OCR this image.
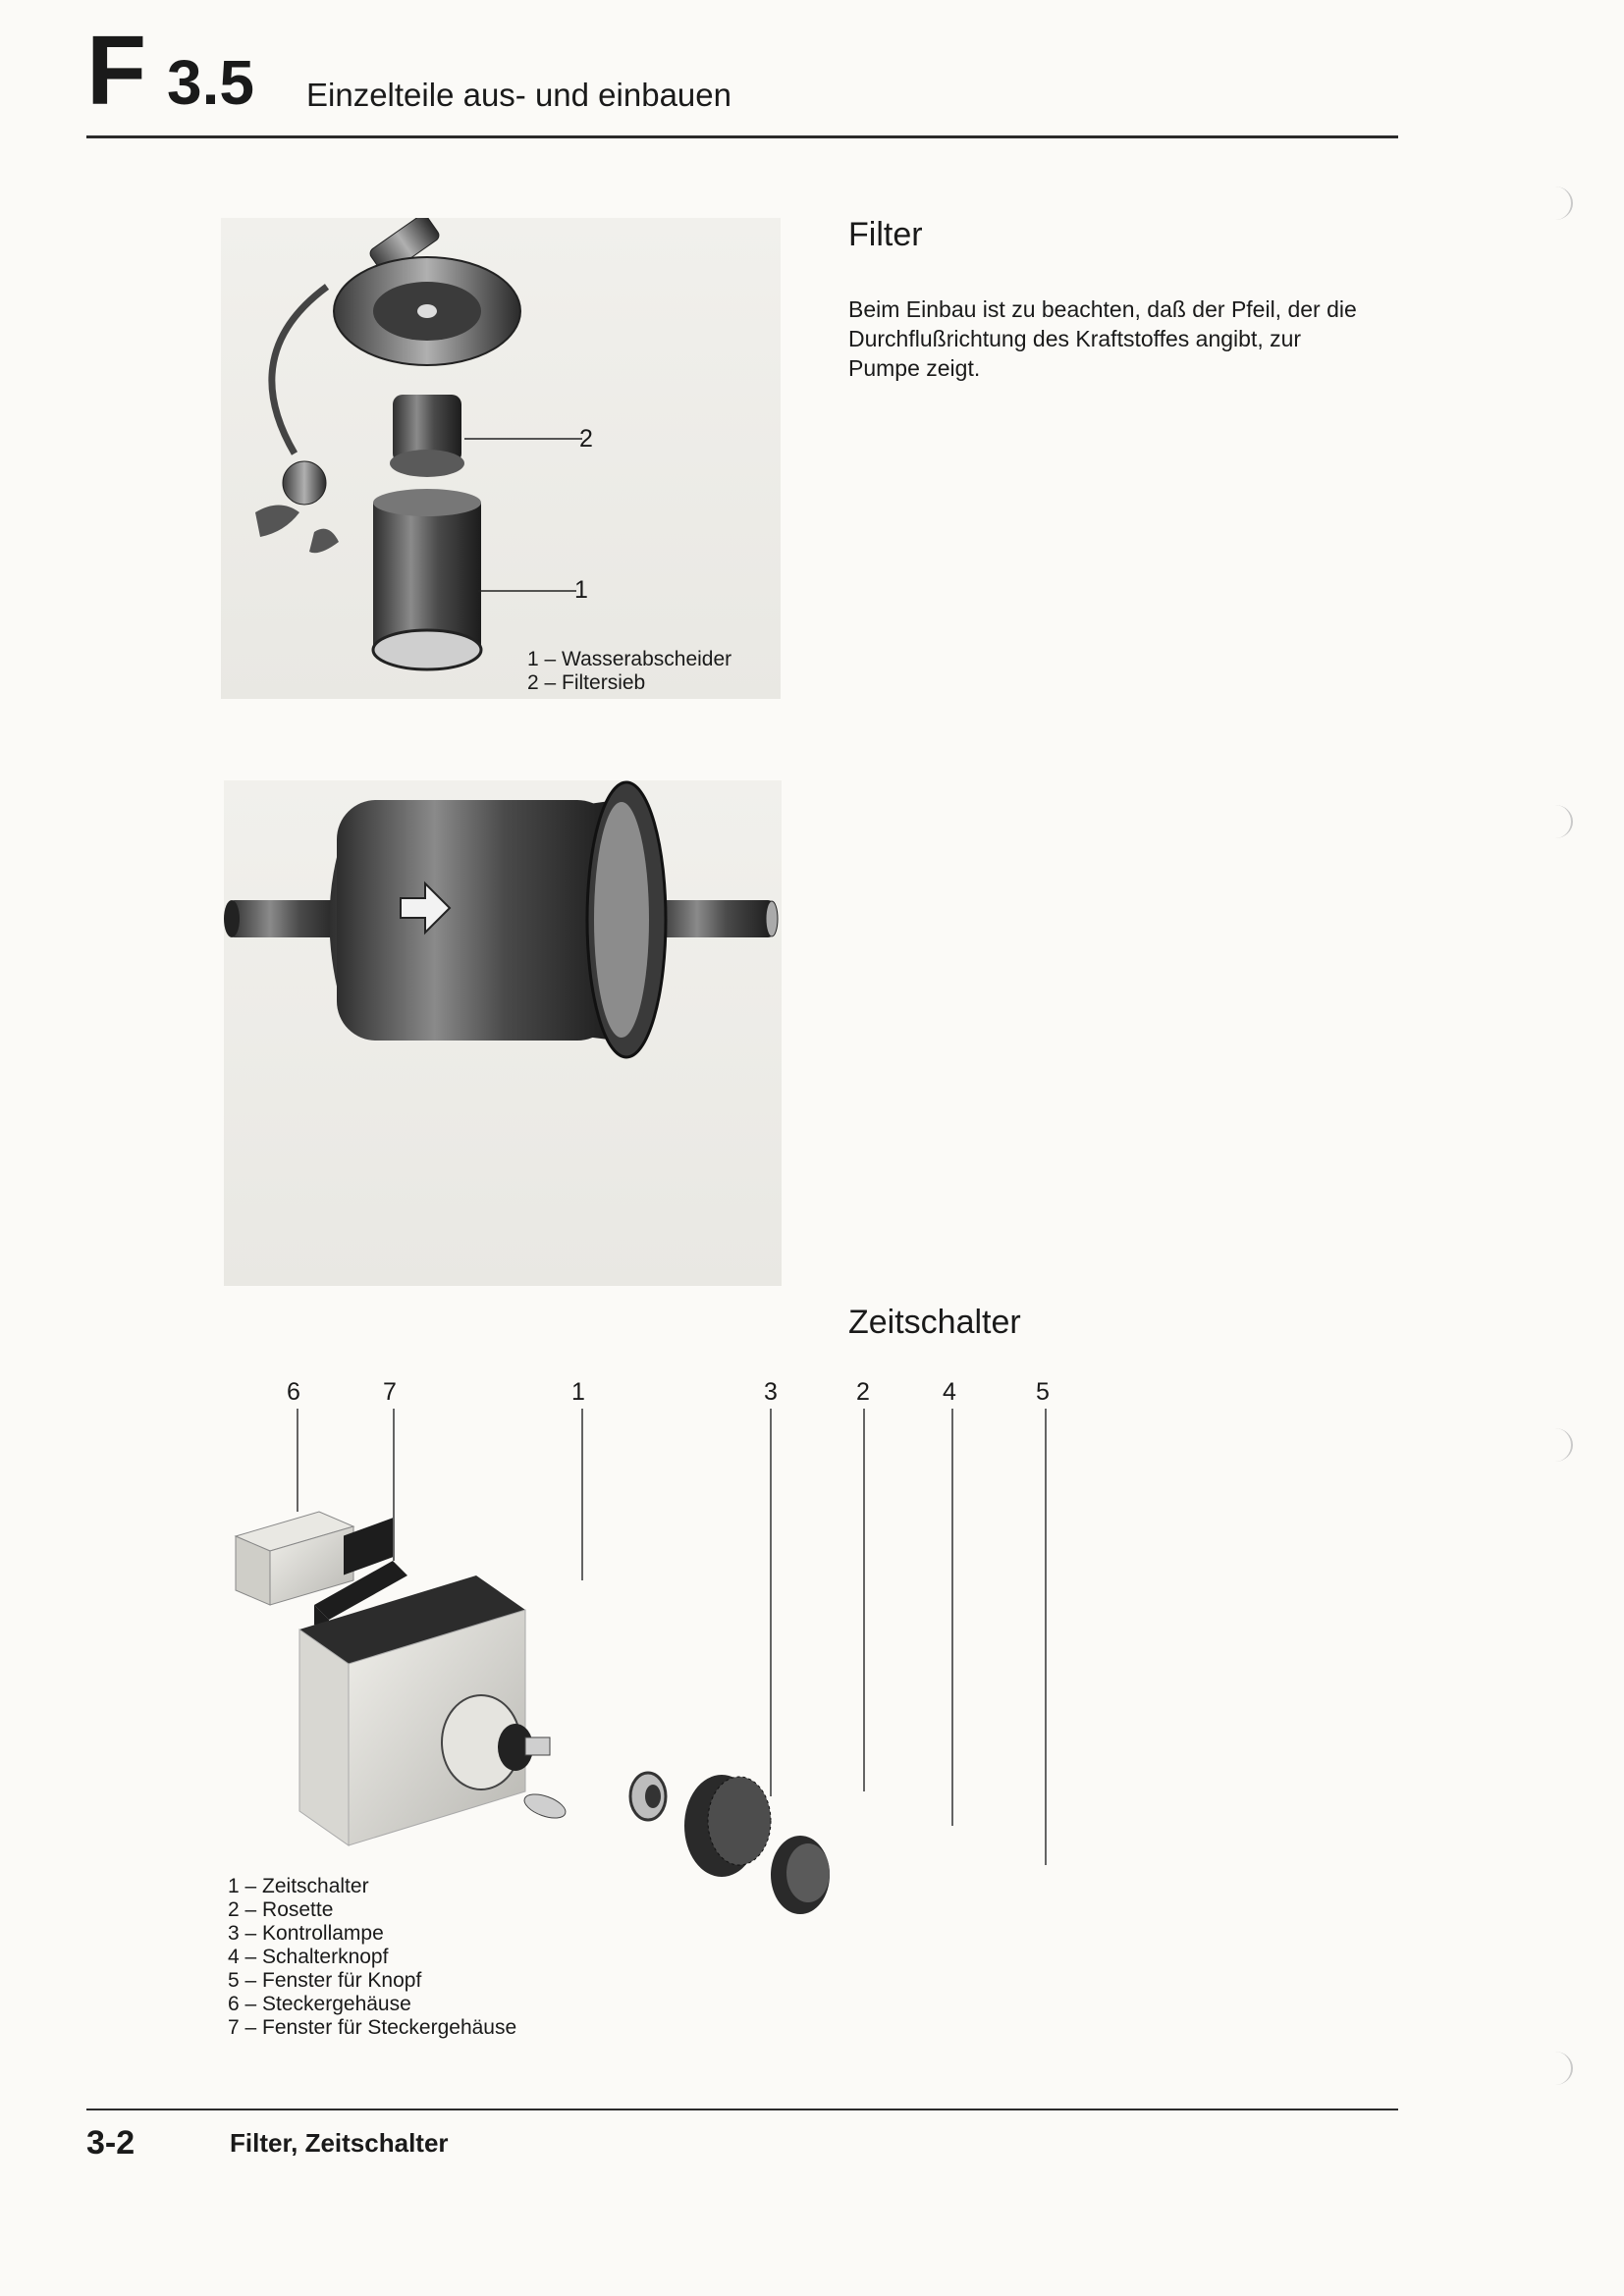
F 3.5 Einzelteile aus- und einbauen
2
1
1 – Wasserabscheider
2 – Filtersieb
Filter
Beim Einbau ist zu beachten, daß der Pfeil, der die Durchflußrichtung des Kraftstoffes angibt, zur Pumpe zeigt.
Zeitschalter
6	7	1	3	2	4	5
1 – Zeitschalter
2 – Rosette
3 – Kontrollampe
4 – Schalterknopf
5 – Fenster für Knopf
6 – Steckergehäuse
7 – Fenster für Steckergehäuse
3-2	Filter, Zeitschalter
